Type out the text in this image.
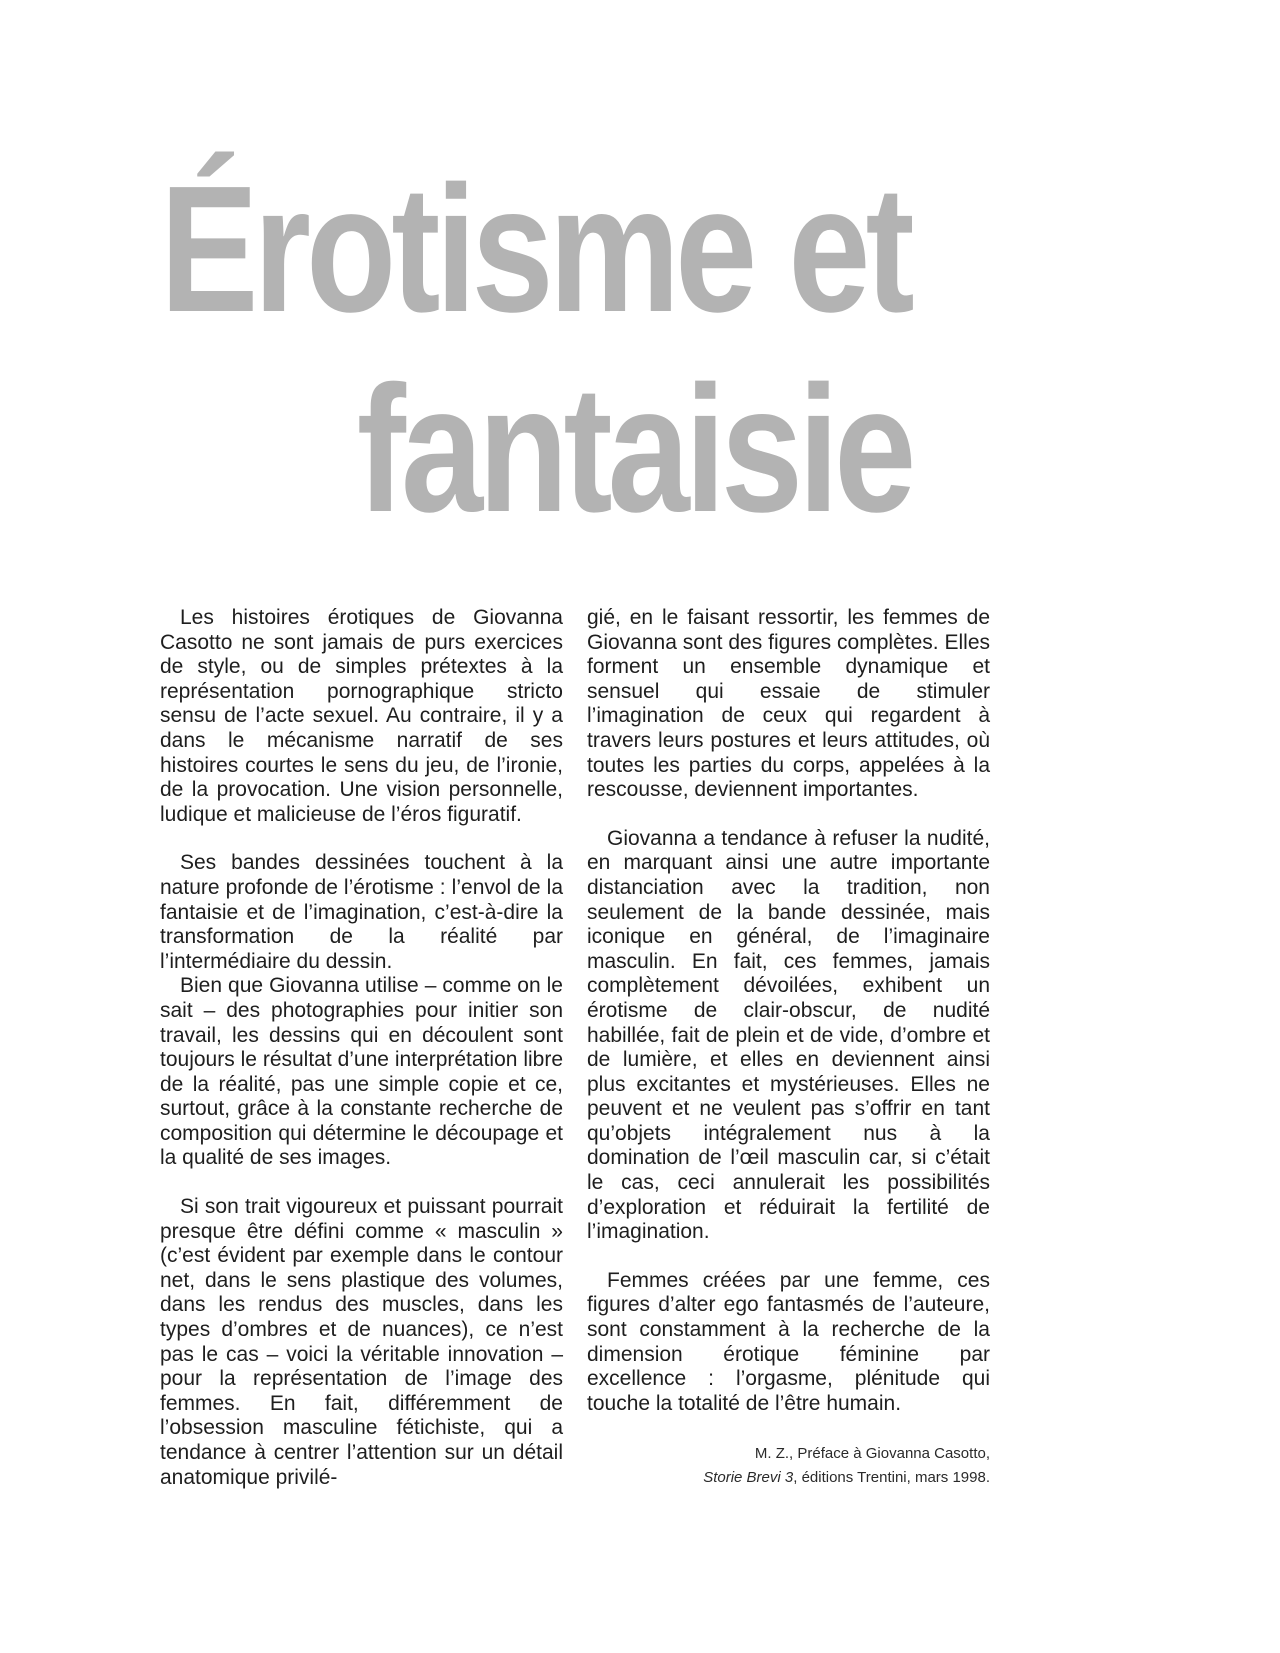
Érotisme et
fantaisie

Les histoires érotiques de Giovanna Casotto ne sont jamais de purs exercices de style, ou de simples prétextes à la représentation pornographique stricto sensu de l’acte sexuel. Au contraire, il y a dans le mécanisme narratif de ses histoires courtes le sens du jeu, de l’ironie, de la provocation. Une vision personnelle, ludique et malicieuse de l’éros figuratif.

Ses bandes dessinées touchent à la nature profonde de l’érotisme : l’envol de la fantaisie et de l’imagination, c’est-à-dire la transformation de la réalité par l’intermédiaire du dessin.

Bien que Giovanna utilise – comme on le sait – des photographies pour initier son travail, les dessins qui en découlent sont toujours le résultat d’une interprétation libre de la réalité, pas une simple copie et ce, surtout, grâce à la constante recherche de composition qui détermine le découpage et la qualité de ses images.

Si son trait vigoureux et puissant pourrait presque être défini comme « masculin » (c’est évident par exemple dans le contour net, dans le sens plastique des volumes, dans les rendus des muscles, dans les types d’ombres et de nuances), ce n’est pas le cas – voici la véritable innovation – pour la représentation de l’image des femmes. En fait, différemment de l’obsession masculine fétichiste, qui a tendance à centrer l’attention sur un détail anatomique privilé-

gié, en le faisant ressortir, les femmes de Giovanna sont des figures complètes. Elles forment un ensemble dynamique et sensuel qui essaie de stimuler l’imagination de ceux qui regardent à travers leurs postures et leurs attitudes, où toutes les parties du corps, appelées à la rescousse, deviennent importantes.

Giovanna a tendance à refuser la nudité, en marquant ainsi une autre importante distanciation avec la tradition, non seulement de la bande dessinée, mais iconique en général, de l’imaginaire masculin. En fait, ces femmes, jamais complètement dévoilées, exhibent un érotisme de clair-obscur, de nudité habillée, fait de plein et de vide, d’ombre et de lumière, et elles en deviennent ainsi plus excitantes et mystérieuses. Elles ne peuvent et ne veulent pas s’offrir en tant qu’objets intégralement nus à la domination de l’œil masculin car, si c’était le cas, ceci annulerait les possibilités d’exploration et réduirait la fertilité de l’imagination.

Femmes créées par une femme, ces figures d’alter ego fantasmés de l’auteure, sont constamment à la recherche de la dimension érotique féminine par excellence : l’orgasme, plénitude qui touche la totalité de l’être humain.

M. Z., Préface à Giovanna Casotto,
Storie Brevi 3, éditions Trentini, mars 1998.
